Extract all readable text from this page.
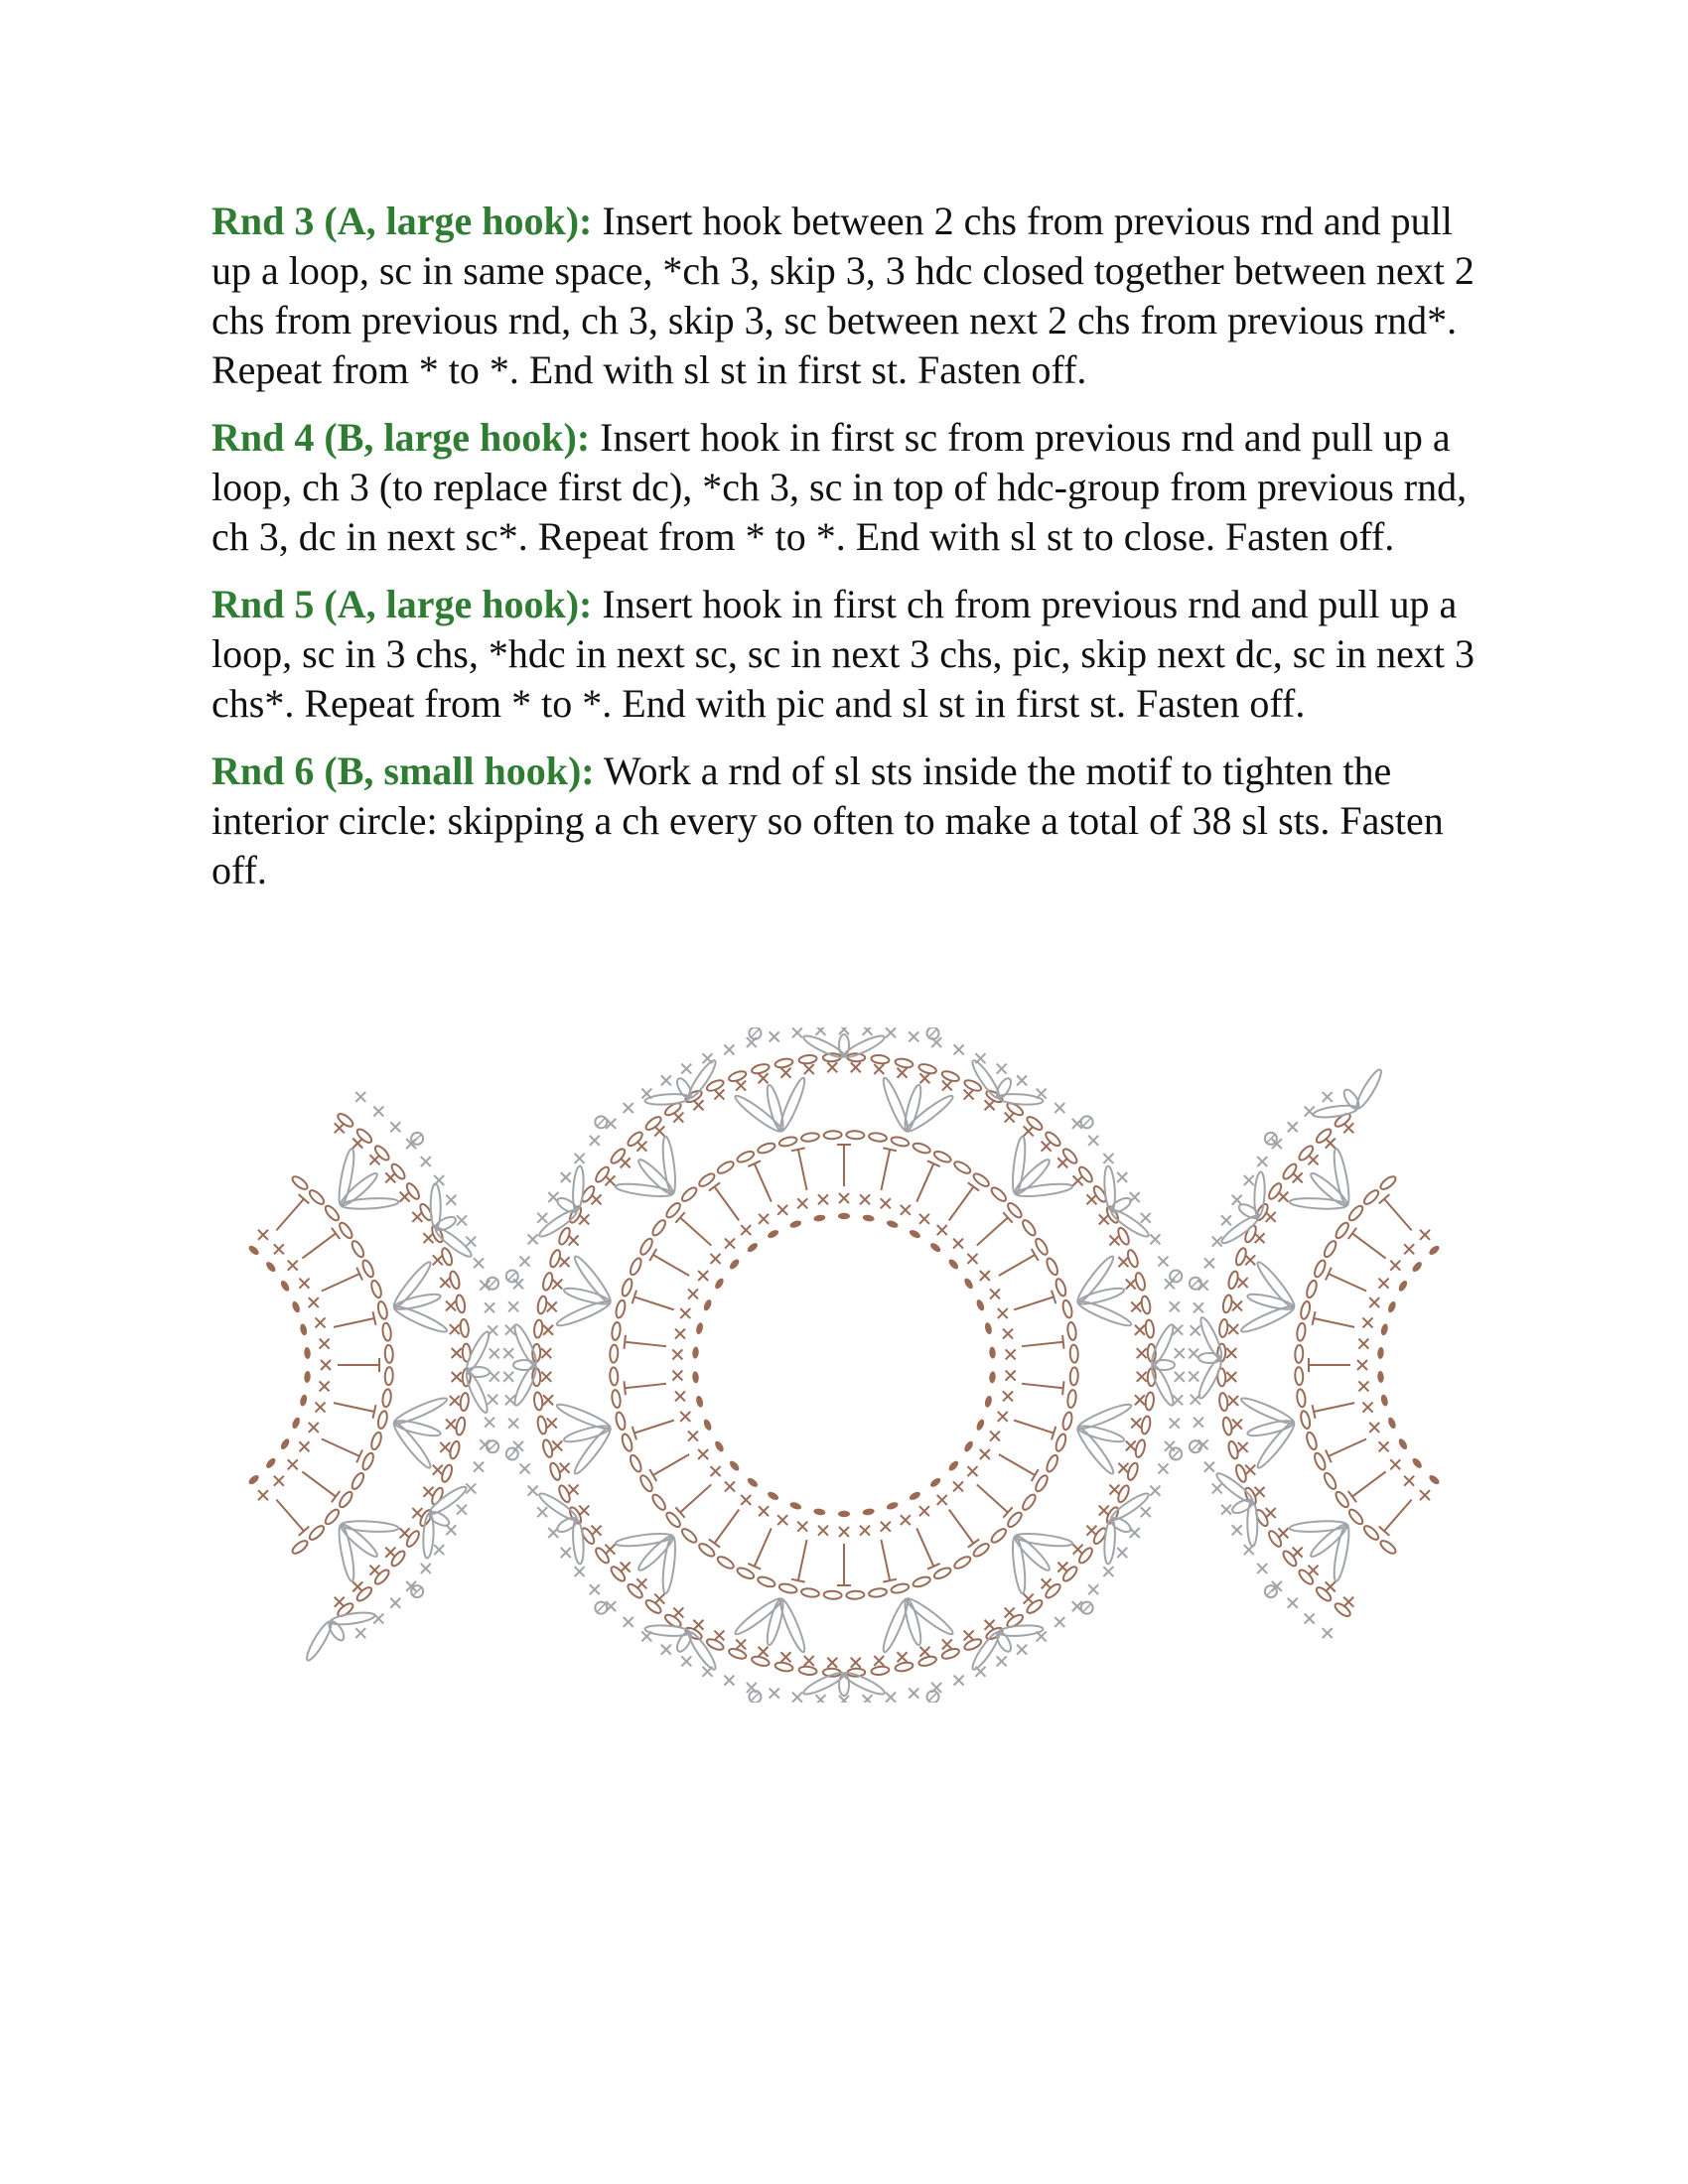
Rnd 3 (A, large hook): Insert hook between 2 chs from previous rnd and pull up a loop, sc in same space, *ch 3, skip 3, 3 hdc closed together between next 2 chs from previous rnd, ch 3, skip 3, sc between next 2 chs from previous rnd*. Repeat from * to *. End with sl st in first st. Fasten off.

Rnd 4 (B, large hook): Insert hook in first sc from previous rnd and pull up a loop, ch 3 (to replace first dc), *ch 3, sc in top of hdc-group from previous rnd, ch 3, dc in next sc*. Repeat from * to *. End with sl st to close. Fasten off.

Rnd 5 (A, large hook): Insert hook in first ch from previous rnd and pull up a loop, sc in 3 chs, *hdc in next sc, sc in next 3 chs, pic, skip next dc, sc in next 3 chs*. Repeat from * to *. End with pic and sl st in first st. Fasten off.

Rnd 6 (B, small hook): Work a rnd of sl sts inside the motif to tighten the interior circle: skipping a ch every so often to make a total of 38 sl sts. Fasten off.
